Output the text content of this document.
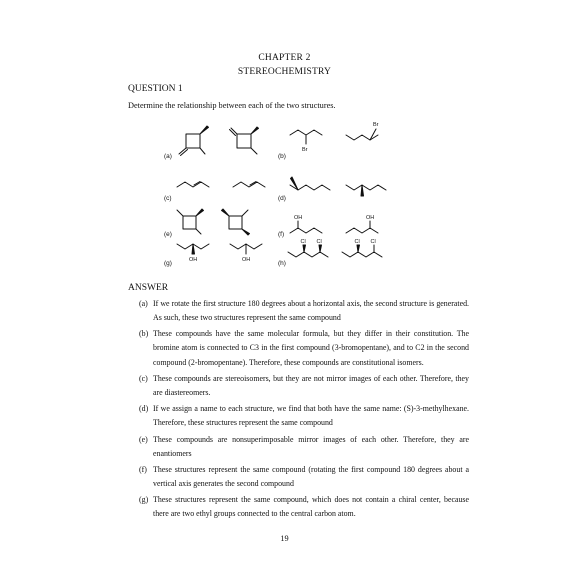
CHAPTER 2
STEREOCHEMISTRY
QUESTION 1
Determine the relationship between each of the two structures.
(a)	(b)
(c)	(d)
(e)	(f)
(g)	(h)
Br
Br
OH	OH
OH	OH
Cl Cl	Cl Cl
ANSWER
(a) If we rotate the first structure 180 degrees about a horizontal axis, the second structure is generated. As such, these two structures represent the same compound
(b) These compounds have the same molecular formula, but they differ in their constitution. The bromine atom is connected to C3 in the first compound (3-bromopentane), and to C2 in the second compound (2-bromopentane). Therefore, these compounds are constitutional isomers.
(c) These compounds are stereoisomers, but they are not mirror images of each other. Therefore, they are diastereomers.
(d) If we assign a name to each structure, we find that both have the same name: (S)-3-methylhexane. Therefore, these structures represent the same compound
(e) These compounds are nonsuperimposable mirror images of each other. Therefore, they are enantiomers
(f) These structures represent the same compound (rotating the first compound 180 degrees about a vertical axis generates the second compound
(g) These structures represent the same compound, which does not contain a chiral center, because there are two ethyl groups connected to the central carbon atom.
19
